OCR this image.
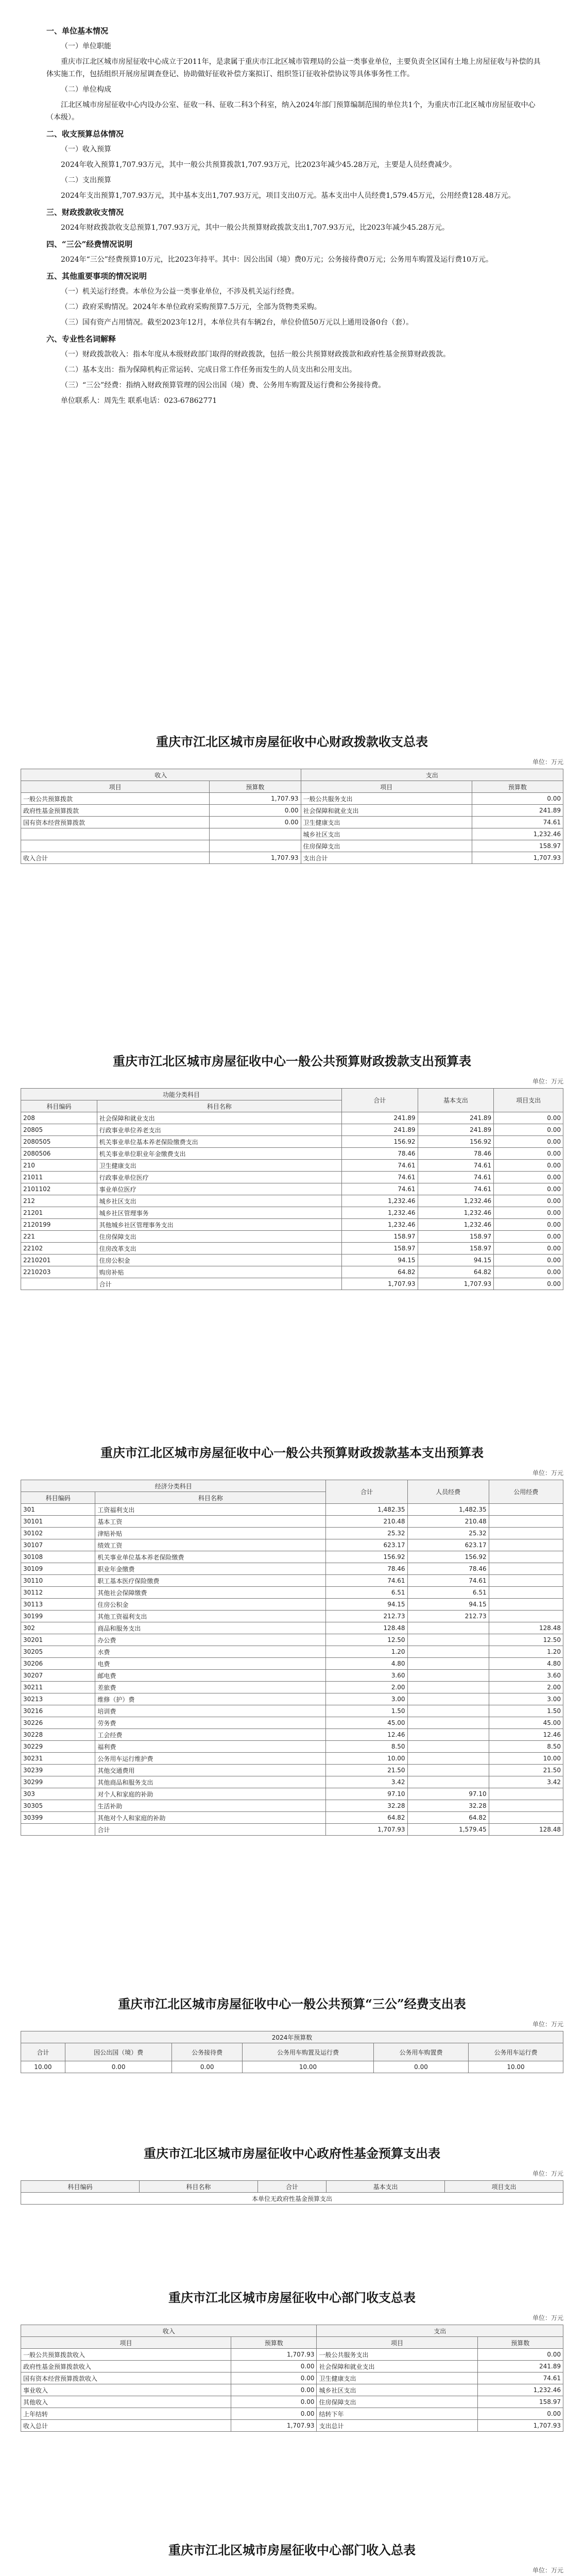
一、单位基本情况

（一）单位职能

重庆市江北区城市房屋征收中心成立于2011年，是隶属于重庆市江北区城市管理局的公益一类事业单位，主要负责全区国有土地上房屋征收与补偿的具体实施工作，包括组织开展房屋调查登记、协助做好征收补偿方案拟订、组织签订征收补偿协议等具体事务性工作。

（二）单位构成

江北区城市房屋征收中心内设办公室、征收一科、征收二科3个科室，纳入2024年部门预算编制范围的单位共1个，为重庆市江北区城市房屋征收中心（本级）。

二、收支预算总体情况

（一）收入预算

2024年收入预算1,707.93万元，其中一般公共预算拨款1,707.93万元，比2023年减少45.28万元，主要是人员经费减少。

（二）支出预算

2024年支出预算1,707.93万元，其中基本支出1,707.93万元，项目支出0万元。基本支出中人员经费1,579.45万元，公用经费128.48万元。

三、财政拨款收支情况

2024年财政拨款收支总预算1,707.93万元，其中一般公共预算财政拨款支出1,707.93万元，比2023年减少45.28万元。

四、“三公”经费情况说明

2024年“三公”经费预算10万元，比2023年持平。其中：因公出国（境）费0万元；公务接待费0万元；公务用车购置及运行费10万元。

五、其他重要事项的情况说明

（一）机关运行经费。本单位为公益一类事业单位，不涉及机关运行经费。

（二）政府采购情况。2024年本单位政府采购预算7.5万元，全部为货物类采购。

（三）国有资产占用情况。截至2023年12月，本单位共有车辆2台，单位价值50万元以上通用设备0台（套）。

六、专业性名词解释

（一）财政拨款收入：指本年度从本级财政部门取得的财政拨款，包括一般公共预算财政拨款和政府性基金预算财政拨款。

（二）基本支出：指为保障机构正常运转、完成日常工作任务而发生的人员支出和公用支出。

（三）“三公”经费：指纳入财政预算管理的因公出国（境）费、公务用车购置及运行费和公务接待费。

单位联系人：周先生 联系电话：023-67862771

重庆市江北区城市房屋征收中心财政拨款收支总表
单位：万元
收入		支出	
项目	预算数	项目	预算数
一般公共预算拨款	1,707.93	一般公共服务支出	0.00
政府性基金预算拨款	0.00	社会保障和就业支出	241.89
国有资本经营预算拨款	0.00	卫生健康支出	74.61
		城乡社区支出	1,232.46
		住房保障支出	158.97
收入合计	1,707.93	支出合计	1,707.93
重庆市江北区城市房屋征收中心一般公共预算财政拨款支出预算表
单位：万元
功能分类科目		合计	基本支出	项目支出
科目编码	科目名称			
208	社会保障和就业支出	241.89	241.89	0.00
20805	行政事业单位养老支出	241.89	241.89	0.00
2080505	机关事业单位基本养老保险缴费支出	156.92	156.92	0.00
2080506	机关事业单位职业年金缴费支出	78.46	78.46	0.00
210	卫生健康支出	74.61	74.61	0.00
21011	行政事业单位医疗	74.61	74.61	0.00
2101102	事业单位医疗	74.61	74.61	0.00
212	城乡社区支出	1,232.46	1,232.46	0.00
21201	城乡社区管理事务	1,232.46	1,232.46	0.00
2120199	其他城乡社区管理事务支出	1,232.46	1,232.46	0.00
221	住房保障支出	158.97	158.97	0.00
22102	住房改革支出	158.97	158.97	0.00
2210201	住房公积金	94.15	94.15	0.00
2210203	购房补贴	64.82	64.82	0.00
	合计	1,707.93	1,707.93	0.00
重庆市江北区城市房屋征收中心一般公共预算财政拨款基本支出预算表
单位：万元
经济分类科目		合计	人员经费	公用经费
科目编码	科目名称			
301	工资福利支出	1,482.35	1,482.35	
30101	基本工资	210.48	210.48	
30102	津贴补贴	25.32	25.32	
30107	绩效工资	623.17	623.17	
30108	机关事业单位基本养老保险缴费	156.92	156.92	
30109	职业年金缴费	78.46	78.46	
30110	职工基本医疗保险缴费	74.61	74.61	
30112	其他社会保障缴费	6.51	6.51	
30113	住房公积金	94.15	94.15	
30199	其他工资福利支出	212.73	212.73	
302	商品和服务支出	128.48		128.48
30201	办公费	12.50		12.50
30205	水费	1.20		1.20
30206	电费	4.80		4.80
30207	邮电费	3.60		3.60
30211	差旅费	2.00		2.00
30213	维修（护）费	3.00		3.00
30216	培训费	1.50		1.50
30226	劳务费	45.00		45.00
30228	工会经费	12.46		12.46
30229	福利费	8.50		8.50
30231	公务用车运行维护费	10.00		10.00
30239	其他交通费用	21.50		21.50
30299	其他商品和服务支出	3.42		3.42
303	对个人和家庭的补助	97.10	97.10	
30305	生活补助	32.28	32.28	
30399	其他对个人和家庭的补助	64.82	64.82	
	合计	1,707.93	1,579.45	128.48
重庆市江北区城市房屋征收中心一般公共预算“三公”经费支出表
单位：万元
2024年预算数					
合计	因公出国（境）费	公务接待费	公务用车购置及运行费	公务用车购置费	公务用车运行费
10.00	0.00	0.00	10.00	0.00	10.00
重庆市江北区城市房屋征收中心政府性基金预算支出表
单位：万元
科目编码	科目名称	合计	基本支出	项目支出
本单位无政府性基金预算支出
重庆市江北区城市房屋征收中心部门收支总表
单位：万元
收入		支出	
项目	预算数	项目	预算数
一般公共预算拨款收入	1,707.93	一般公共服务支出	0.00
政府性基金预算拨款收入	0.00	社会保障和就业支出	241.89
国有资本经营预算拨款收入	0.00	卫生健康支出	74.61
事业收入	0.00	城乡社区支出	1,232.46
其他收入	0.00	住房保障支出	158.97
上年结转	0.00	结转下年	0.00
收入总计	1,707.93	支出总计	1,707.93
重庆市江北区城市房屋征收中心部门收入总表
单位：万元
